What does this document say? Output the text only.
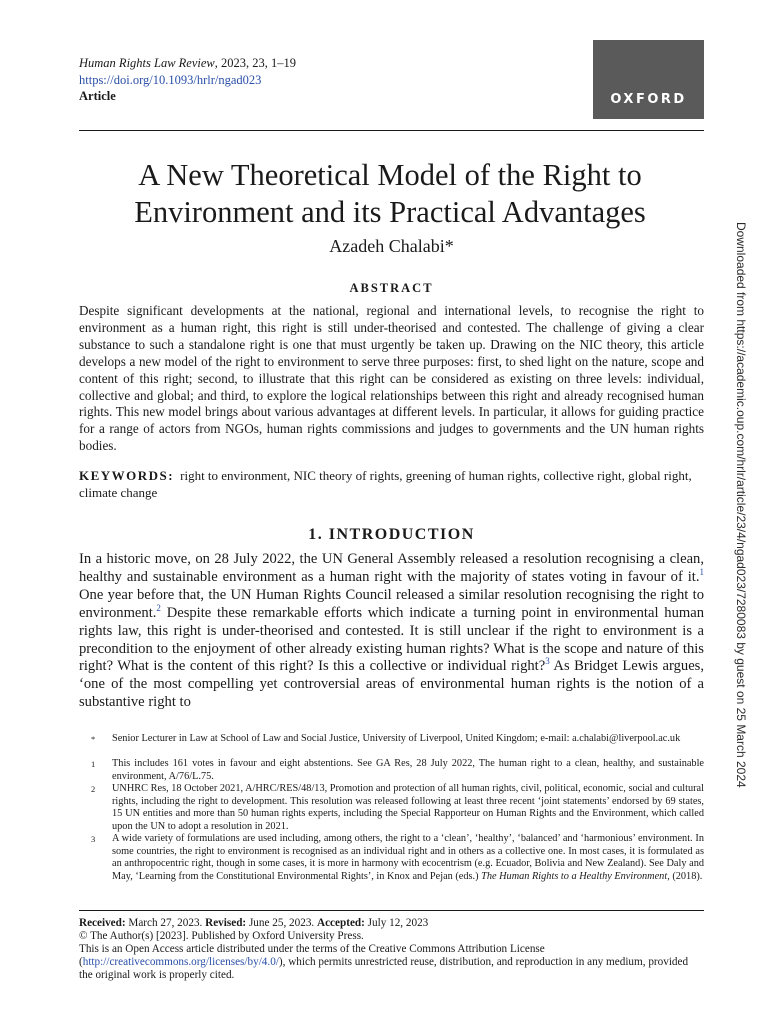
Human Rights Law Review, 2023, 23, 1–19
https://doi.org/10.1093/hrlr/ngad023
Article	OXFORD
A New Theoretical Model of the Right to
Environment and its Practical Advantages
Azadeh Chalabi*
ABSTRACT
Despite significant developments at the national, regional and international levels, to recognise the right to environment as a human right, this right is still under-theorised and contested. The challenge of giving a clear substance to such a standalone right is one that must urgently be taken up. Drawing on the NIC theory, this article develops a new model of the right to environment to serve three purposes: first, to shed light on the nature, scope and content of this right; second, to illustrate that this right can be considered as existing on three levels: individual, collective and global; and third, to explore the logical relationships between this right and already recognised human rights. This new model brings about various advantages at different levels. In particular, it allows for guiding practice for a range of actors from NGOs, human rights commissions and judges to governments and the UN human rights bodies.
KEYWORDS: right to environment, NIC theory of rights, greening of human rights, collective right, global right, climate change
1. INTRODUCTION
In a historic move, on 28 July 2022, the UN General Assembly released a resolution recognising a clean, healthy and sustainable environment as a human right with the majority of states voting in favour of it.$^1$ One year before that, the UN Human Rights Council released a similar resolution recognising the right to environment.$^2$ Despite these remarkable efforts which indicate a turning point in environmental human rights law, this right is under-theorised and contested. It is still unclear if the right to environment is a precondition to the enjoyment of other already existing human rights? What is the scope and nature of this right? What is the content of this right? Is this a collective or individual right?$^3$ As Bridget Lewis argues, ‘one of the most compelling yet controversial areas of environmental human rights is the notion of a substantive right to
* Senior Lecturer in Law at School of Law and Social Justice, University of Liverpool, United Kingdom; e-mail: a.chalabi@liverpool.ac.uk
1 This includes 161 votes in favour and eight abstentions. See GA Res, 28 July 2022, The human right to a clean, healthy, and sustainable environment, A/76/L.75.
2 UNHRC Res, 18 October 2021, A/HRC/RES/48/13, Promotion and protection of all human rights, civil, political, economic, social and cultural rights, including the right to development. This resolution was released following at least three recent ‘joint statements’ endorsed by 69 states, 15 UN entities and more than 50 human rights experts, including the Special Rapporteur on Human Rights and the Environment, which called upon the UN to adopt a resolution in 2021.
3 A wide variety of formulations are used including, among others, the right to a ‘clean’, ‘healthy’, ‘balanced’ and ‘harmonious’ environment. In some countries, the right to environment is recognised as an individual right and in others as a collective one. In most cases, it is formulated as an anthropocentric right, though in some cases, it is more in harmony with ecocentrism (e.g. Ecuador, Bolivia and New Zealand). See Daly and May, ‘Learning from the Constitutional Environmental Rights’, in Knox and Pejan (eds.) The Human Rights to a Healthy Environment, (2018).
Received: March 27, 2023. Revised: June 25, 2023. Accepted: July 12, 2023
© The Author(s) [2023]. Published by Oxford University Press.
This is an Open Access article distributed under the terms of the Creative Commons Attribution License (http://creativecommons.org/licenses/by/4.0/), which permits unrestricted reuse, distribution, and reproduction in any medium, provided the original work is properly cited.
Downloaded from https://academic.oup.com/hrlr/article/23/4/ngad023/7280083 by guest on 25 March 2024
